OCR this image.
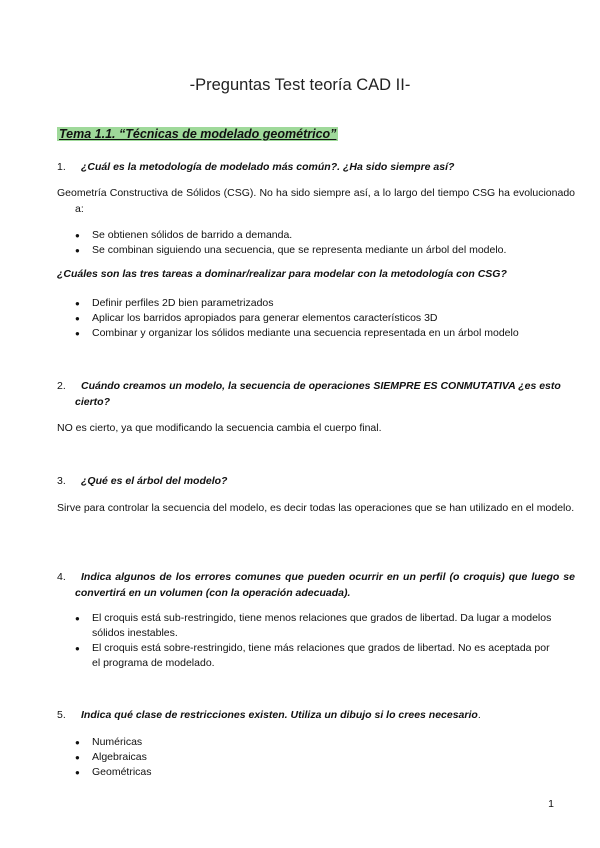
-Preguntas Test teoría CAD II-
Tema 1.1. “Técnicas de modelado geométrico”
1. ¿Cuál es la metodología de modelado más común?. ¿Ha sido siempre así?
Geometría Constructiva de Sólidos (CSG). No ha sido siempre así, a lo largo del tiempo CSG ha evolucionado a:
● Se obtienen sólidos de barrido a demanda.
● Se combinan siguiendo una secuencia, que se representa mediante un árbol del modelo.
¿Cuáles son las tres tareas a dominar/realizar para modelar con la metodología con CSG?
● Definir perfiles 2D bien parametrizados
● Aplicar los barridos apropiados para generar elementos característicos 3D
● Combinar y organizar los sólidos mediante una secuencia representada en un árbol modelo
2. Cuándo creamos un modelo, la secuencia de operaciones SIEMPRE ES CONMUTATIVA ¿es esto cierto?
NO es cierto, ya que modificando la secuencia cambia el cuerpo final.
3. ¿Qué es el árbol del modelo?
Sirve para controlar la secuencia del modelo, es decir todas las operaciones que se han utilizado en el modelo.
4. Indica algunos de los errores comunes que pueden ocurrir en un perfil (o croquis) que luego se convertirá en un volumen (con la operación adecuada).
● El croquis está sub-restringido, tiene menos relaciones que grados de libertad. Da lugar a modelos sólidos inestables.
● El croquis está sobre-restringido, tiene más relaciones que grados de libertad. No es aceptada por el programa de modelado.
5. Indica qué clase de restricciones existen. Utiliza un dibujo si lo crees necesario.
● Numéricas
● Algebraicas
● Geométricas
1
